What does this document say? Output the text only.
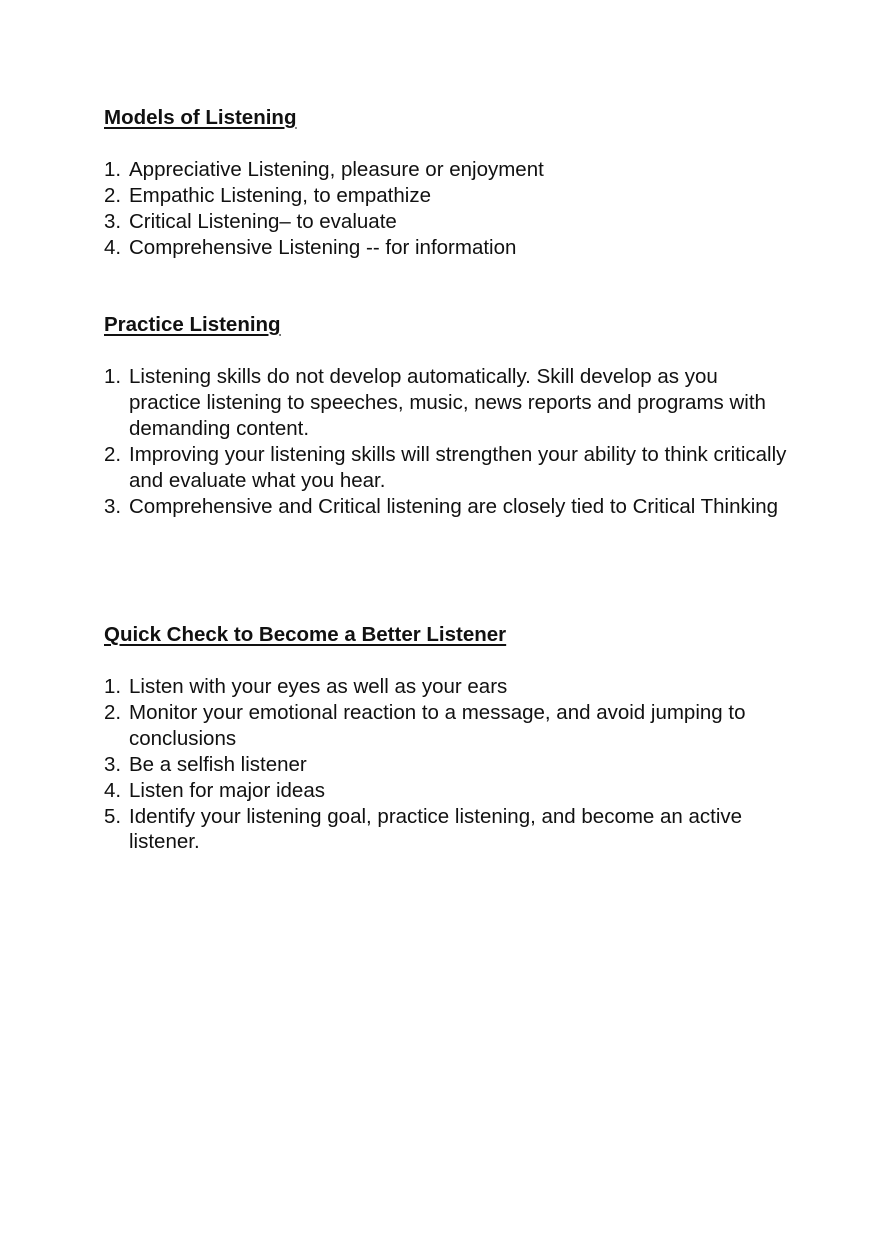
Models of Listening
1. Appreciative Listening, pleasure or enjoyment
2. Empathic Listening, to empathize
3. Critical Listening– to evaluate
4. Comprehensive Listening -- for information
Practice Listening
1. Listening skills do not develop automatically. Skill develop as you practice listening to speeches, music, news reports and programs with demanding content.
2. Improving your listening skills will strengthen your ability to think critically and evaluate what you hear.
3. Comprehensive and Critical listening are closely tied to Critical Thinking
Quick Check to Become a Better Listener
1. Listen with your eyes as well as your ears
2. Monitor your emotional reaction to a message, and avoid jumping to conclusions
3. Be a selfish listener
4. Listen for major ideas
5. Identify your listening goal, practice listening, and become an active listener.
